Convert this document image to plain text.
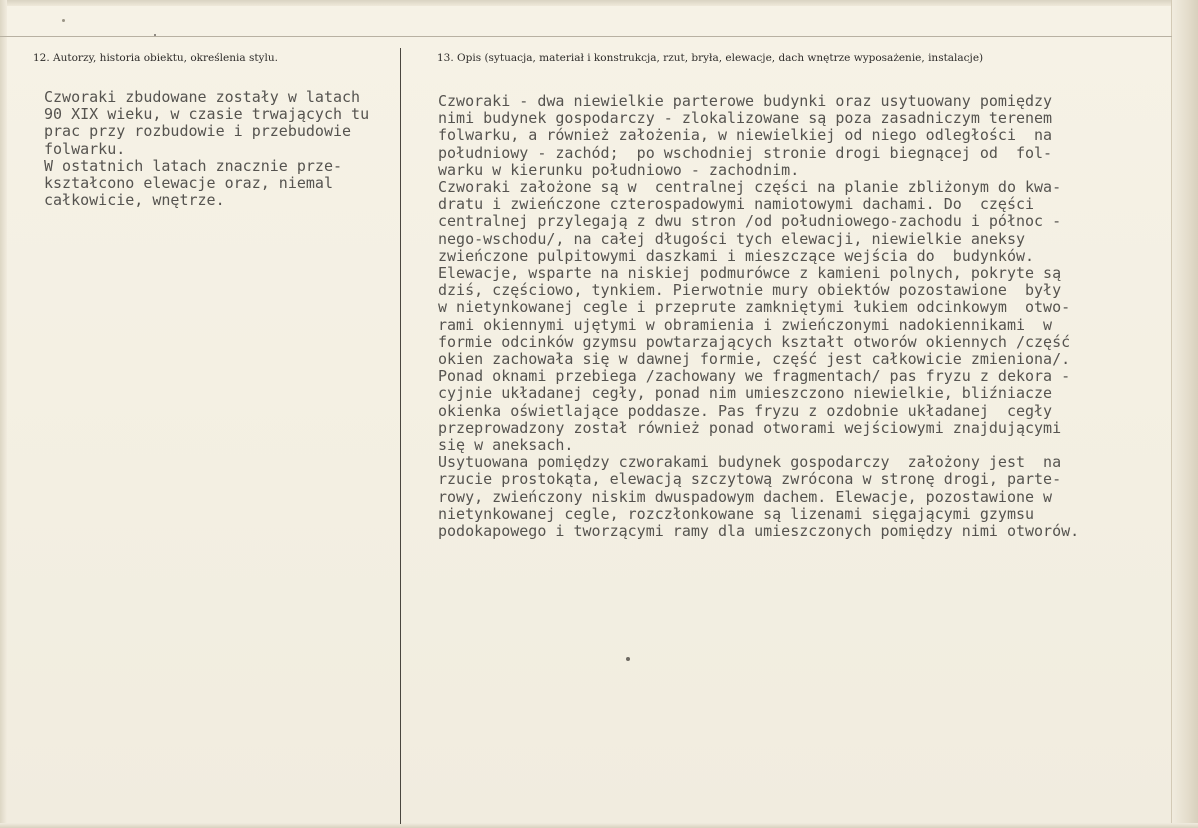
12. Autorzy, historia obiektu, określenia stylu.	13. Opis (sytuacja, materiał i konstrukcja, rzut, bryła, elewacje, dach wnętrze wyposażenie, instalacje)
Czworaki zbudowane zostały w latach
90 XIX wieku, w czasie trwających tu
prac przy rozbudowie i przebudowie
folwarku.
W ostatnich latach znacznie prze-
kształcono elewacje oraz, niemal
całkowicie, wnętrze.
Czworaki - dwa niewielkie parterowe budynki oraz usytuowany pomiędzy
nimi budynek gospodarczy - zlokalizowane są poza zasadniczym terenem
folwarku, a również założenia, w niewielkiej od niego odległości  na
południowy - zachód;  po wschodniej stronie drogi biegnącej od  fol-
warku w kierunku południowo - zachodnim.
Czworaki założone są w  centralnej części na planie zbliżonym do kwa-
dratu i zwieńczone czterospadowymi namiotowymi dachami. Do  części
centralnej przylegają z dwu stron /od południowego-zachodu i północ -
nego-wschodu/, na całej długości tych elewacji, niewielkie aneksy
zwieńczone pulpitowymi daszkami i mieszczące wejścia do  budynków.
Elewacje, wsparte na niskiej podmurówce z kamieni polnych, pokryte są
dziś, częściowo, tynkiem. Pierwotnie mury obiektów pozostawione  były
w nietynkowanej cegle i przeprute zamkniętymi łukiem odcinkowym  otwo-
rami okiennymi ujętymi w obramienia i zwieńczonymi nadokiennikami  w
formie odcinków gzymsu powtarzających kształt otworów okiennych /część
okien zachowała się w dawnej formie, część jest całkowicie zmieniona/.
Ponad oknami przebiega /zachowany we fragmentach/ pas fryzu z dekora -
cyjnie układanej cegły, ponad nim umieszczono niewielkie, bliźniacze
okienka oświetlające poddasze. Pas fryzu z ozdobnie układanej  cegły
przeprowadzony został również ponad otworami wejściowymi znajdującymi
się w aneksach.
Usytuowana pomiędzy czworakami budynek gospodarczy  założony jest  na
rzucie prostokąta, elewacją szczytową zwrócona w stronę drogi, parte-
rowy, zwieńczony niskim dwuspadowym dachem. Elewacje, pozostawione w
nietynkowanej cegle, rozczłonkowane są lizenami sięgającymi gzymsu
podokapowego i tworzącymi ramy dla umieszczonych pomiędzy nimi otworów.
